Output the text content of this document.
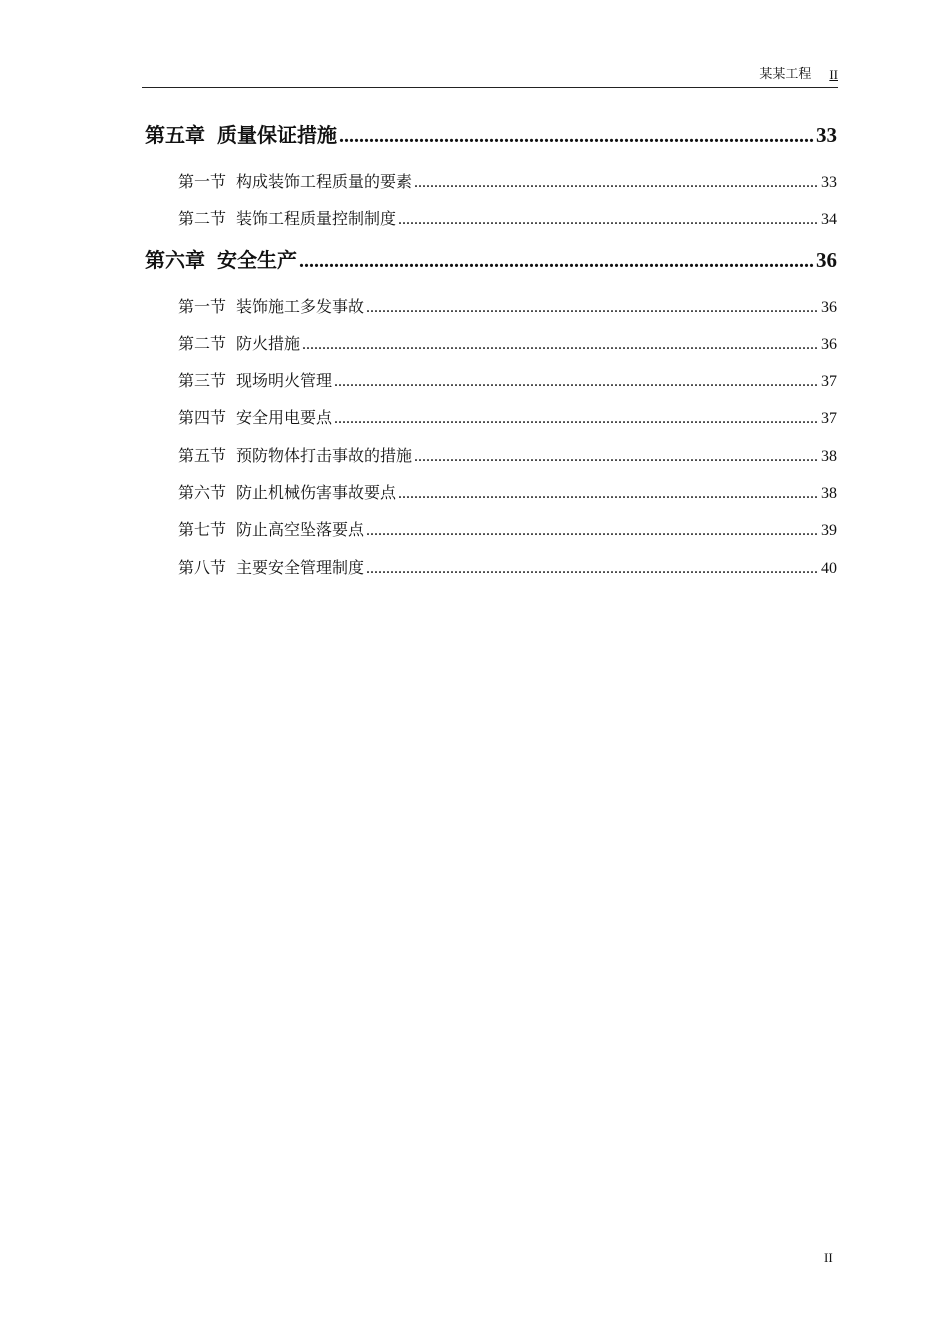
某某工程 II
第五章 质量保证措施 .....	33
第一节 构成装饰工程质量的要素 .....	33
第二节 装饰工程质量控制制度 .....	34
第六章 安全生产 .....	36
第一节 装饰施工多发事故 .....	36
第二节 防火措施 .....	36
第三节 现场明火管理 .....	37
第四节 安全用电要点 .....	37
第五节 预防物体打击事故的措施 .....	38
第六节 防止机械伤害事故要点 .....	38
第七节 防止高空坠落要点 .....	39
第八节 主要安全管理制度 .....	40
II
